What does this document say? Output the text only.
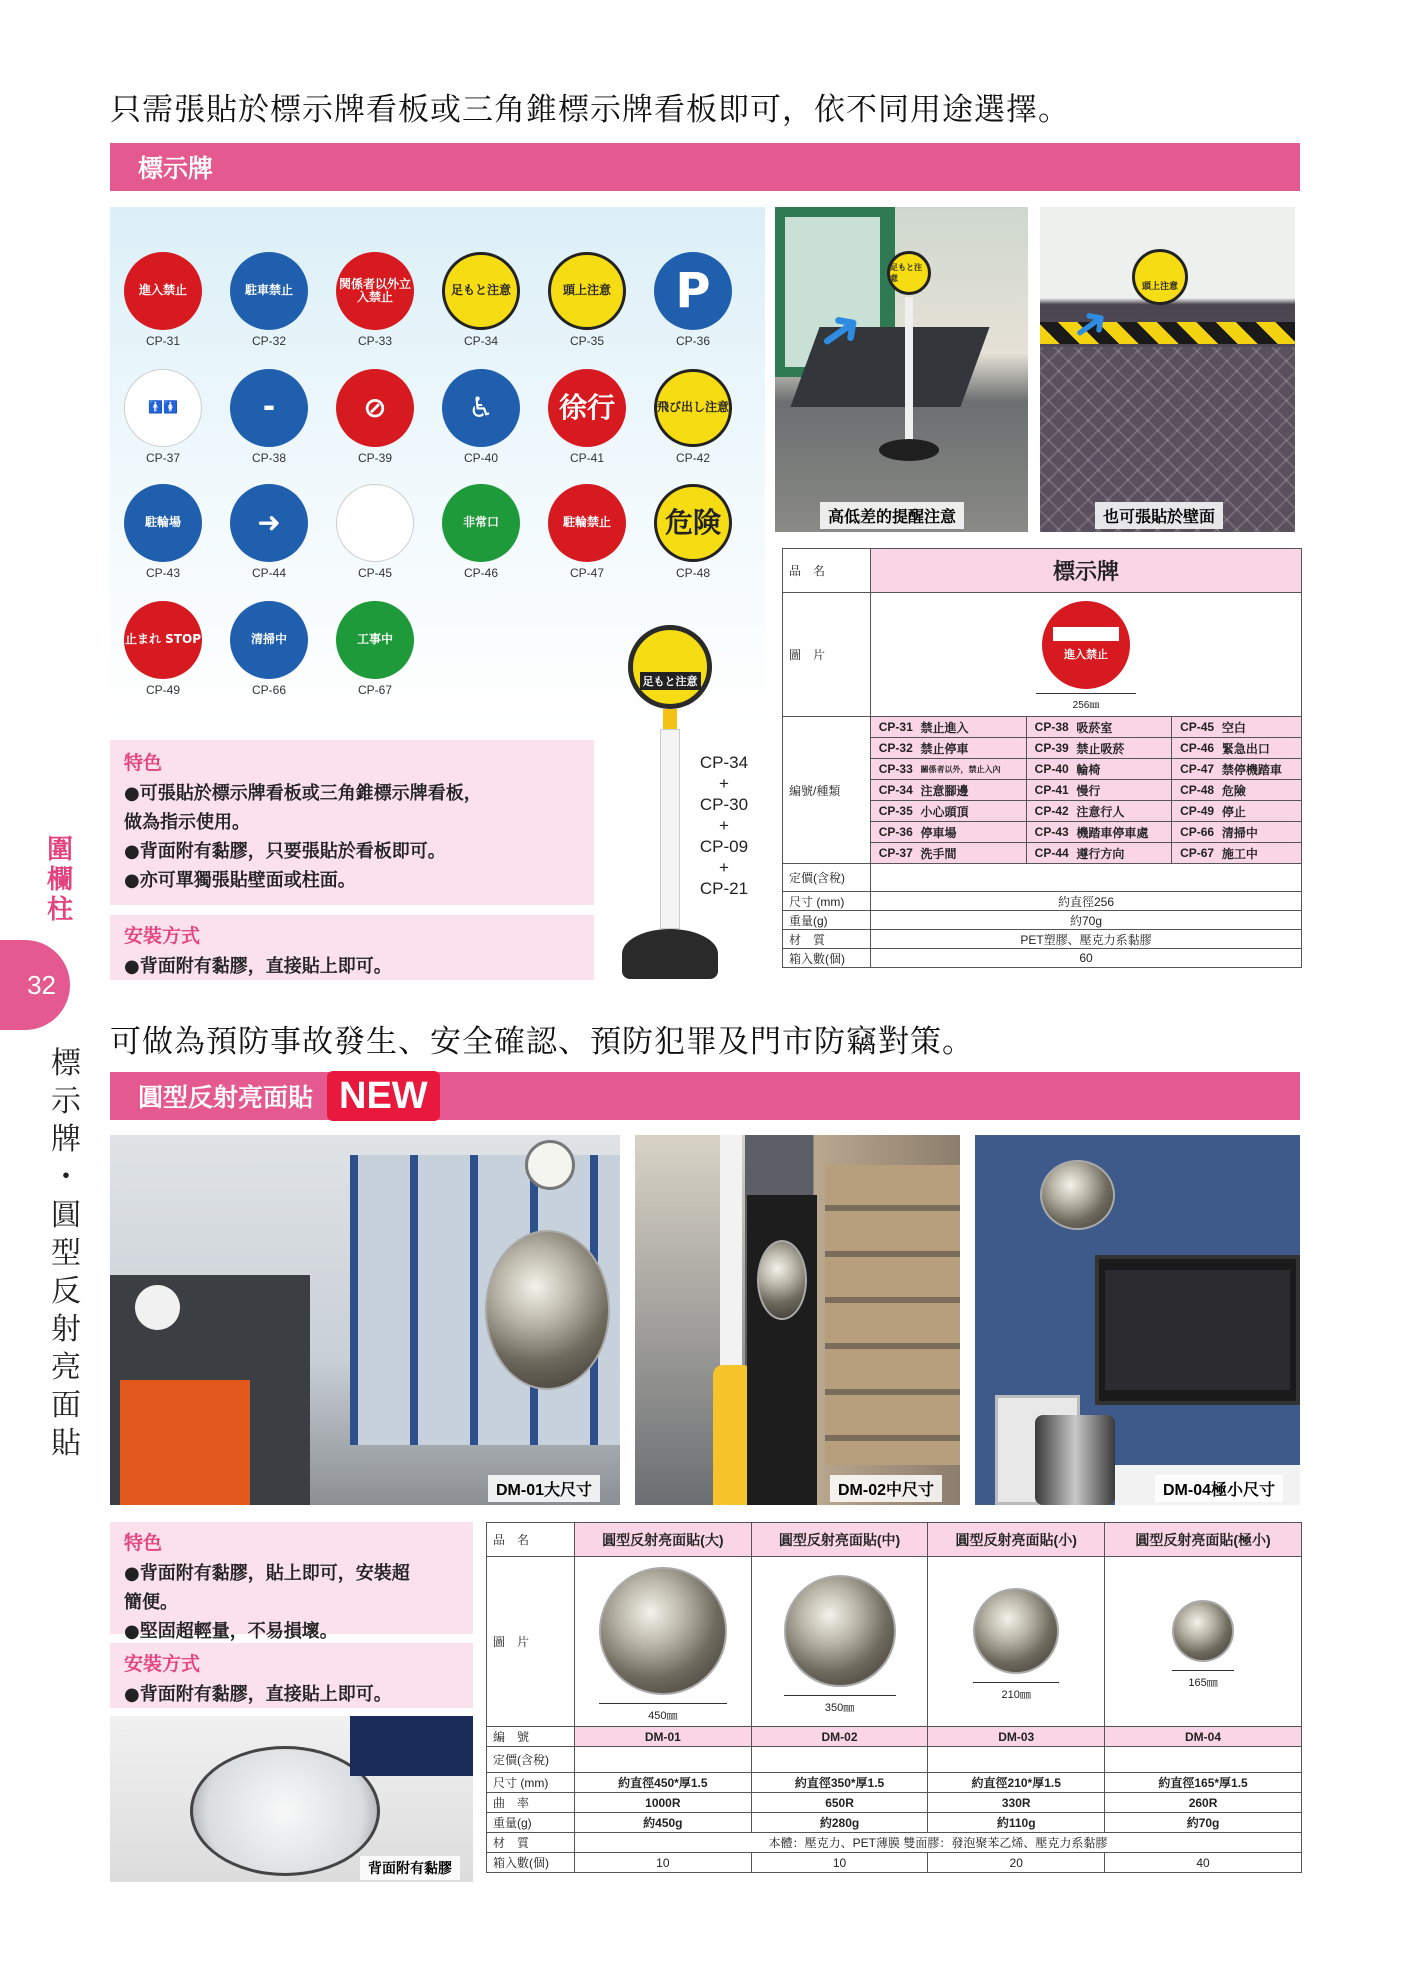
只需張貼於標示牌看板或三角錐標示牌看板即可，依不同用途選擇。
標示牌
進入禁止
CP-31
駐車禁止
CP-32
関係者以外立入禁止
CP-33
足もと注意
CP-34
頭上注意
CP-35
P
CP-36
🚹🚺
CP-37
▬
CP-38
⊘
CP-39
♿
CP-40
徐行
CP-41
飛び出し注意
CP-42
駐輪場
CP-43
➜
CP-44	CP-45
非常口
CP-46
駐輪禁止
CP-47
危険
CP-48
止まれ STOP
CP-49
清掃中
CP-66
工事中
CP-67
特色

●可張貼於標示牌看板或三角錐標示牌看板，

做為指示使用。

●背面附有黏膠，只要張貼於看板即可。

●亦可單獨張貼壁面或柱面。

安裝方式

●背面附有黏膠，直接貼上即可。

足もと注意
CP-34
+
CP-30
+
CP-09
+
CP-21
足もと注意
➜
高低差的提醒注意
頭上注意
➜
也可張貼於壁面
品　名	標示牌					
圖　片	進入禁止
256㎜					

編號/種類	CP-31	禁止進入	CP-38	吸菸室	CP-45	空白
	CP-32	禁止停車	CP-39	禁止吸菸	CP-46	緊急出口
	CP-33	關係者以外，禁止入內	CP-40	輪椅	CP-47	禁停機踏車
	CP-34	注意腳邊	CP-41	慢行	CP-48	危險
	CP-35	小心頭頂	CP-42	注意行人	CP-49	停止
	CP-36	停車場	CP-43	機踏車停車處	CP-66	清掃中
	CP-37	洗手間	CP-44	遵行方向	CP-67	施工中
定價(含稅)						
尺寸 (mm)	約直徑256					
重量(g)	約70g					
材　質	PET塑膠、壓克力系黏膠					
箱入數(個)	60					
圍
欄
柱
32
標
示
牌
・
圓
型
反
射
亮
面
貼
可做為預防事故發生、安全確認、預防犯罪及門市防竊對策。
圓型反射亮面貼 NEW
DM-01大尺寸	DM-02中尺寸	DM-04極小尺寸
特色

●背面附有黏膠，貼上即可，安裝超

簡便。

●堅固超輕量，不易損壞。

安裝方式

●背面附有黏膠，直接貼上即可。

背面附有黏膠
品　名	圓型反射亮面貼(大)	圓型反射亮面貼(中)	圓型反射亮面貼(小)	圓型反射亮面貼(極小)
圖　片	450㎜	350㎜	210㎜	165㎜

編　號	DM-01	DM-02	DM-03	DM-04
定價(含稅)				
尺寸 (mm)	約直徑450*厚1.5	約直徑350*厚1.5	約直徑210*厚1.5	約直徑165*厚1.5
曲　率	1000R	650R	330R	260R
重量(g)	約450g	約280g	約110g	約70g
材　質	本體：壓克力、PET薄膜 雙面膠：發泡聚苯乙烯、壓克力系黏膠			
箱入數(個)	10	10	20	40
